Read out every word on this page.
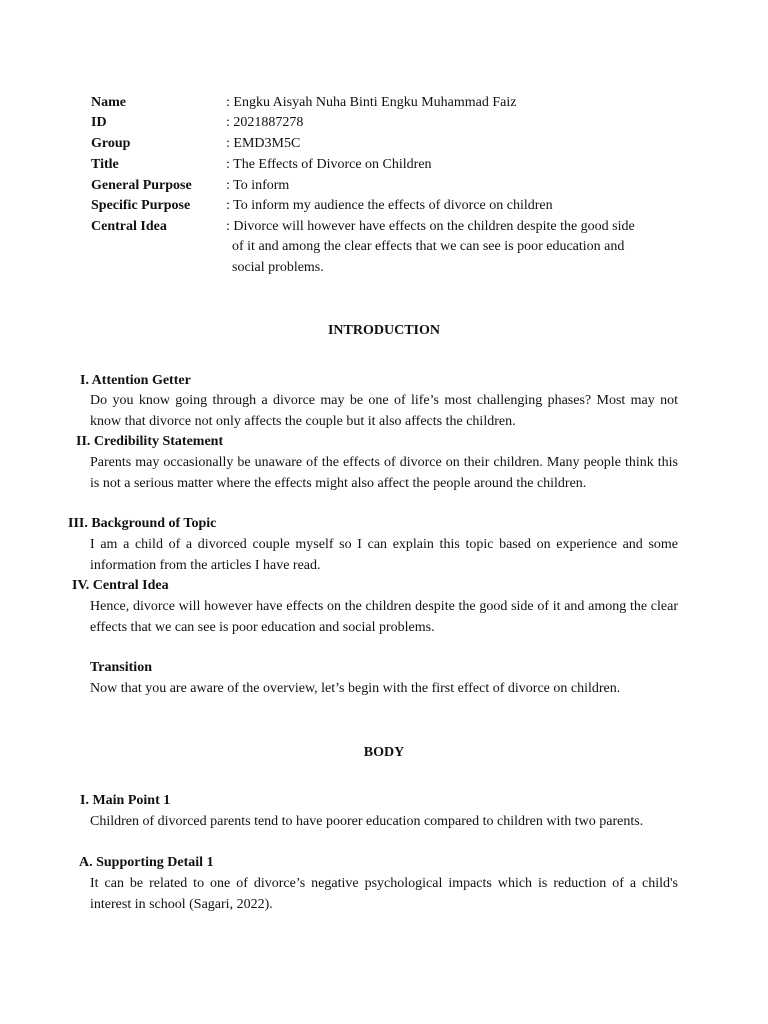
Name	: Engku Aisyah Nuha Binti Engku Muhammad Faiz
ID	: 2021887278
Group	: EMD3M5C
Title	: The Effects of Divorce on Children
General Purpose : To inform
Specific Purpose	: To inform my audience the effects of divorce on children
Central Idea	: Divorce will however have effects on the children despite the good side
of it and among the clear effects that we can see is poor education and
social problems.
INTRODUCTION
I. Attention Getter
Do you know going through a divorce may be one of life’s most challenging phases? Most may not know that divorce not only affects the couple but it also affects the children.
II. Credibility Statement
Parents may occasionally be unaware of the effects of divorce on their children. Many people think this is not a serious matter where the effects might also affect the people around the children.
III. Background of Topic
I am a child of a divorced couple myself so I can explain this topic based on experience and some information from the articles I have read.
IV. Central Idea
Hence, divorce will however have effects on the children despite the good side of it and among the clear effects that we can see is poor education and social problems.
Transition
Now that you are aware of the overview, let’s begin with the first effect of divorce on children.
BODY
I. Main Point 1
Children of divorced parents tend to have poorer education compared to children with two parents.
A. Supporting Detail 1
It can be related to one of divorce’s negative psychological impacts which is reduction of a child's interest in school (Sagari, 2022).
